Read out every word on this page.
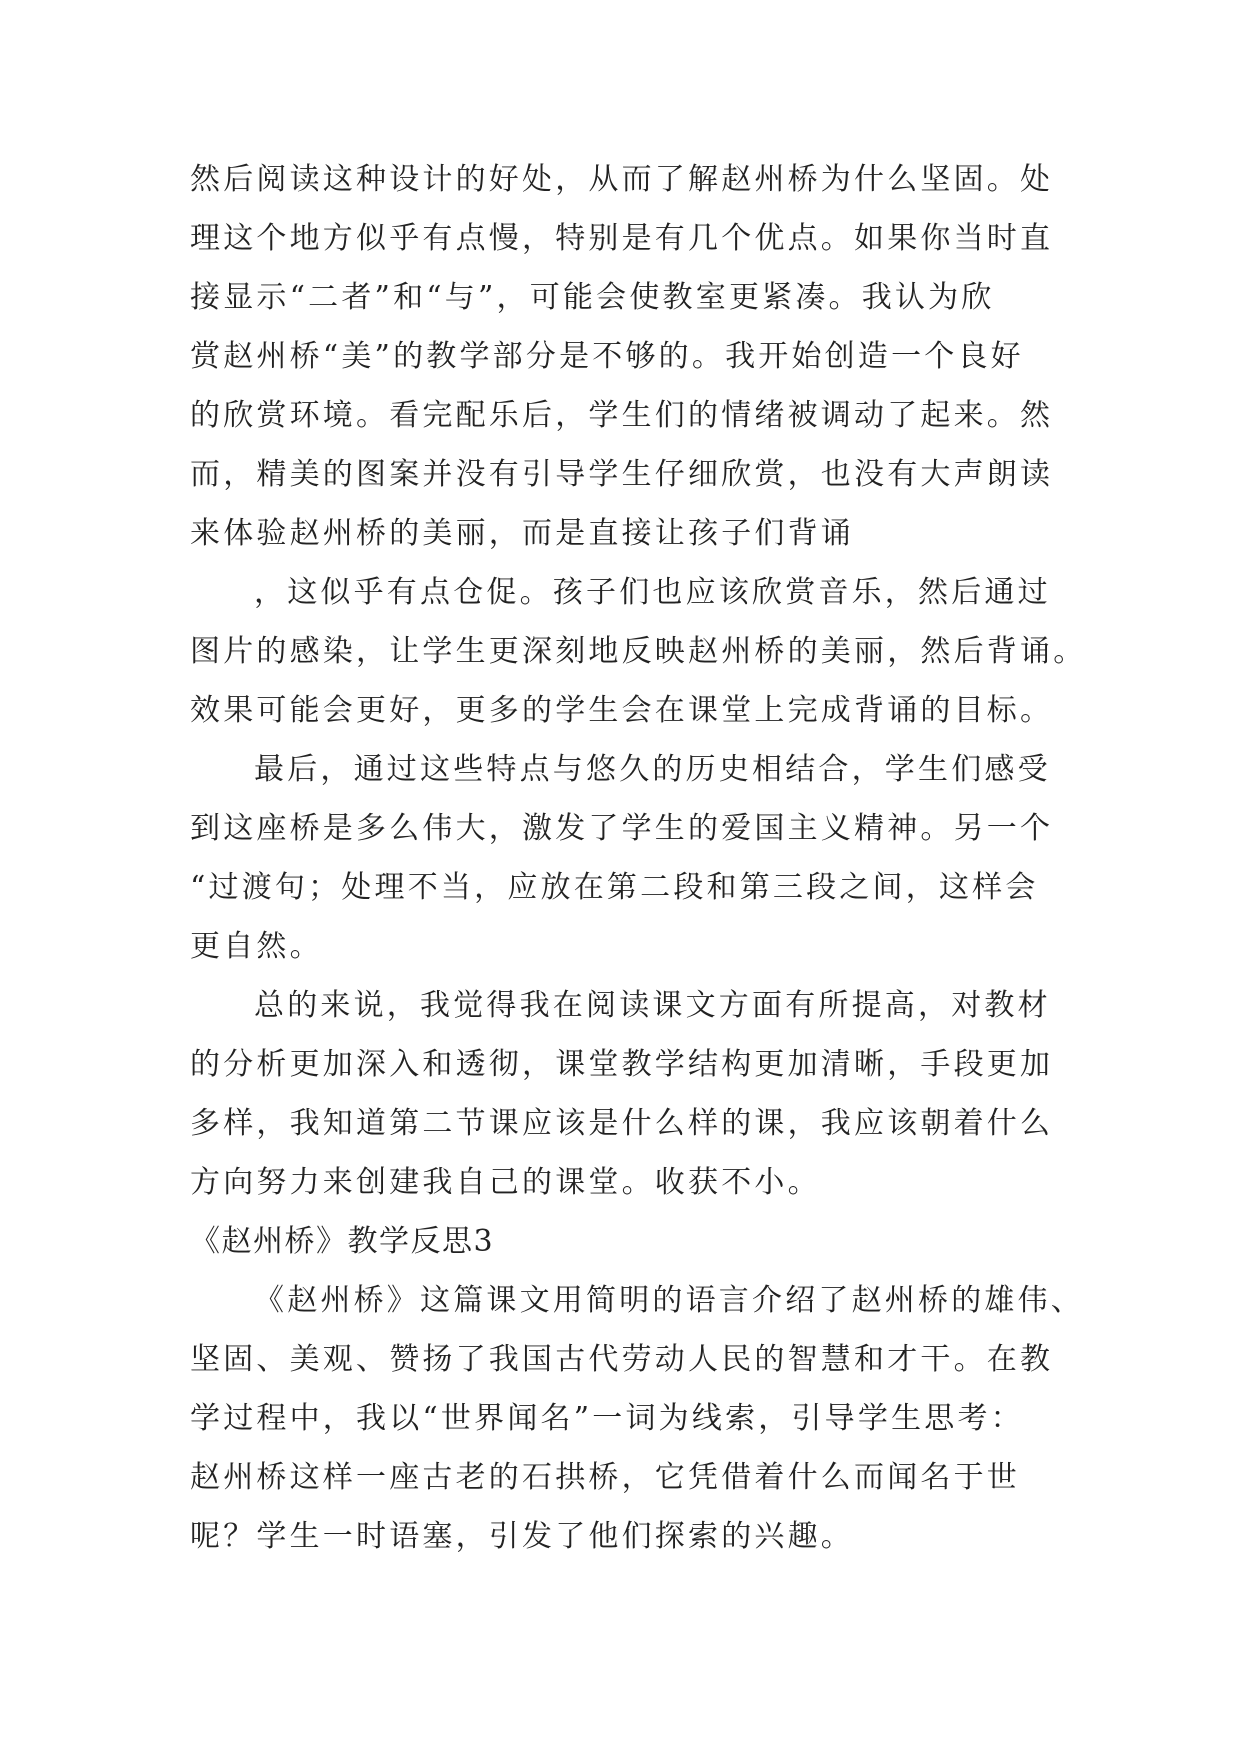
然后阅读这种设计的好处，从而了解赵州桥为什么坚固。处
理这个地方似乎有点慢，特别是有几个优点。如果你当时直
接显示“二者”和“与”，可能会使教室更紧凑。我认为欣
赏赵州桥“美”的教学部分是不够的。我开始创造一个良好
的欣赏环境。看完配乐后，学生们的情绪被调动了起来。然
而，精美的图案并没有引导学生仔细欣赏，也没有大声朗读
来体验赵州桥的美丽，而是直接让孩子们背诵
，这似乎有点仓促。孩子们也应该欣赏音乐，然后通过
图片的感染，让学生更深刻地反映赵州桥的美丽，然后背诵。
效果可能会更好，更多的学生会在课堂上完成背诵的目标。
最后，通过这些特点与悠久的历史相结合，学生们感受
到这座桥是多么伟大，激发了学生的爱国主义精神。另一个
“过渡句；处理不当，应放在第二段和第三段之间，这样会
更自然。
总的来说，我觉得我在阅读课文方面有所提高，对教材
的分析更加深入和透彻，课堂教学结构更加清晰，手段更加
多样，我知道第二节课应该是什么样的课，我应该朝着什么
方向努力来创建我自己的课堂。收获不小。
《赵州桥》教学反思3
《赵州桥》这篇课文用简明的语言介绍了赵州桥的雄伟、
坚固、美观、赞扬了我国古代劳动人民的智慧和才干。在教
学过程中，我以“世界闻名”一词为线索，引导学生思考：
赵州桥这样一座古老的石拱桥，它凭借着什么而闻名于世
呢？学生一时语塞，引发了他们探索的兴趣。
